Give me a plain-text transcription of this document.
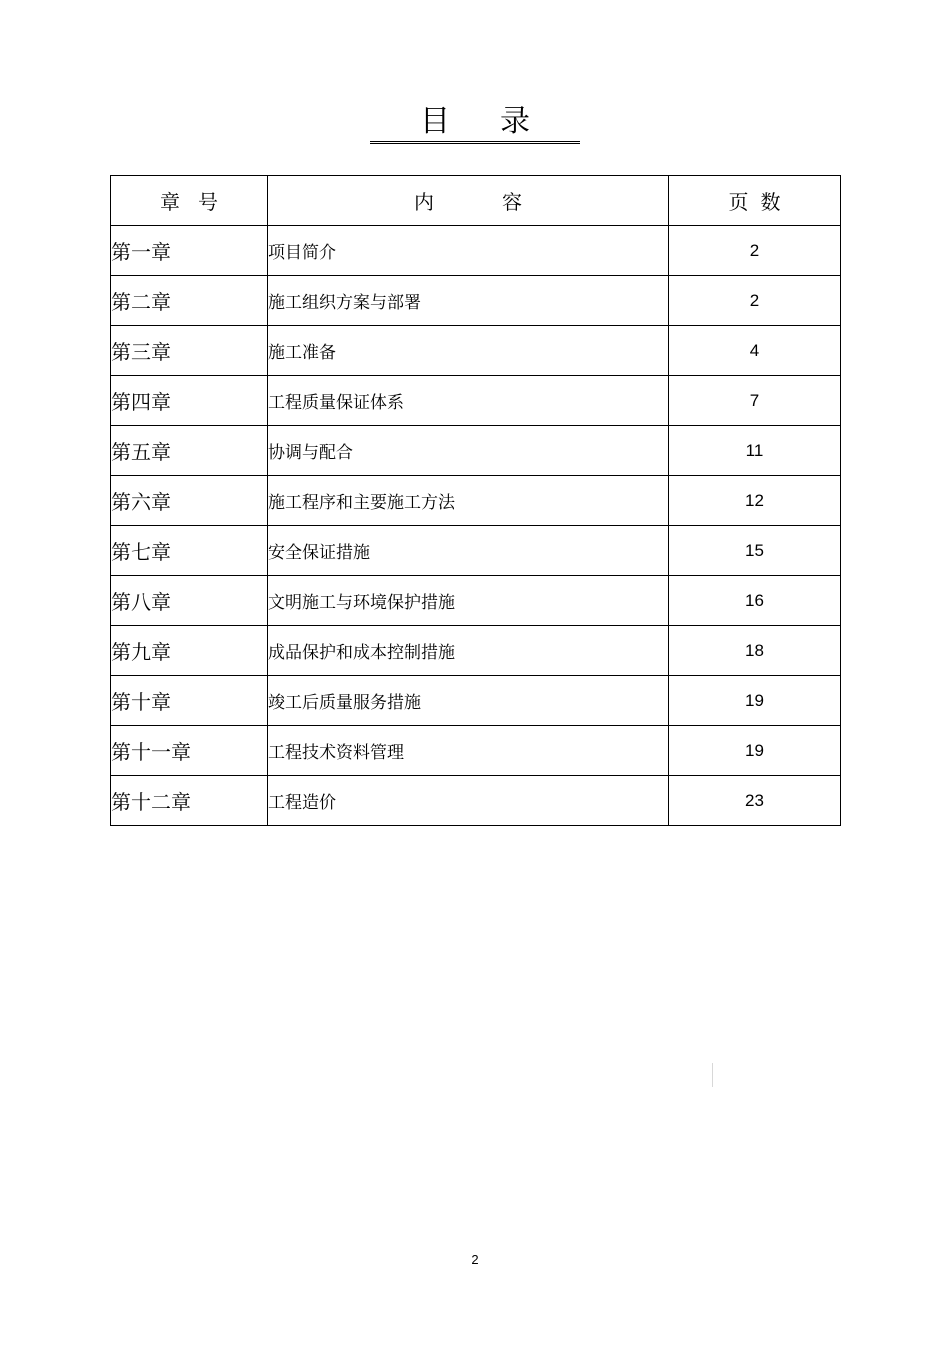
目录
章号	内容	页数
第一章	项目简介	2
第二章	施工组织方案与部署	2
第三章	施工准备	4
第四章	工程质量保证体系	7
第五章	协调与配合	11
第六章	施工程序和主要施工方法	12
第七章	安全保证措施	15
第八章	文明施工与环境保护措施	16
第九章	成品保护和成本控制措施	18
第十章	竣工后质量服务措施	19
第十一章	工程技术资料管理	19
第十二章	工程造价	23
2
